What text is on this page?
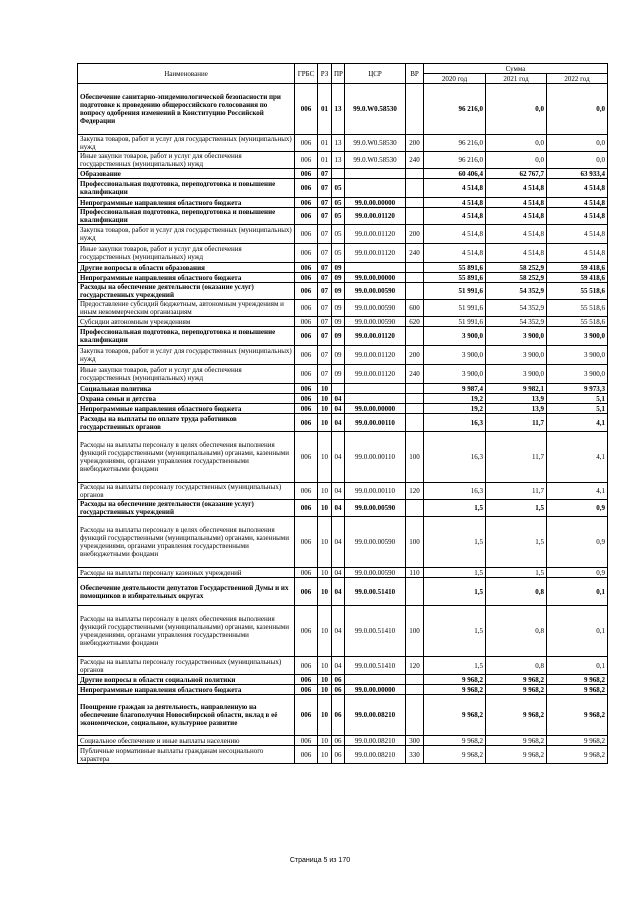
Наименование	ГРБС	РЗ	ПР	ЦСР	ВР	Сумма		
						2020 год	2021 год	2022 год
Обеспечение санитарно-эпидемиологической безопасности при подготовке к проведению общероссийского голосования по вопросу одобрения изменений в Конституцию Российской Федерации	006	01	13	99.0.W0.58530		96 216,0	0,0	0,0
Закупка товаров, работ и услуг для государственных (муниципальных) нужд	006	01	13	99.0.W0.58530	200	96 216,0	0,0	0,0
Иные закупки товаров, работ и услуг для обеспечения государственных (муниципальных) нужд	006	01	13	99.0.W0.58530	240	96 216,0	0,0	0,0
Образование	006	07				60 406,4	62 767,7	63 933,4
Профессиональная подготовка, переподготовка и повышение квалификации	006	07	05			4 514,8	4 514,8	4 514,8
Непрограммные направления областного бюджета	006	07	05	99.0.00.00000		4 514,8	4 514,8	4 514,8
Профессиональная подготовка, переподготовка и повышение квалификации	006	07	05	99.0.00.01120		4 514,8	4 514,8	4 514,8
Закупка товаров, работ и услуг для государственных (муниципальных) нужд	006	07	05	99.0.00.01120	200	4 514,8	4 514,8	4 514,8
Иные закупки товаров, работ и услуг для обеспечения государственных (муниципальных) нужд	006	07	05	99.0.00.01120	240	4 514,8	4 514,8	4 514,8
Другие вопросы в области образования	006	07	09			55 891,6	58 252,9	59 418,6
Непрограммные направления областного бюджета	006	07	09	99.0.00.00000		55 891,6	58 252,9	59 418,6
Расходы на обеспечение деятельности (оказание услуг) государственных учреждений	006	07	09	99.0.00.00590		51 991,6	54 352,9	55 518,6
Предоставление субсидий бюджетным, автономным учреждениям и иным некоммерческим организациям	006	07	09	99.0.00.00590	600	51 991,6	54 352,9	55 518,6
Субсидии автономным учреждениям	006	07	09	99.0.00.00590	620	51 991,6	54 352,9	55 518,6
Профессиональная подготовка, переподготовка и повышение квалификации	006	07	09	99.0.00.01120		3 900,0	3 900,0	3 900,0
Закупка товаров, работ и услуг для государственных (муниципальных) нужд	006	07	09	99.0.00.01120	200	3 900,0	3 900,0	3 900,0
Иные закупки товаров, работ и услуг для обеспечения государственных (муниципальных) нужд	006	07	09	99.0.00.01120	240	3 900,0	3 900,0	3 900,0
Социальная политика	006	10				9 987,4	9 982,1	9 973,3
Охрана семьи и детства	006	10	04			19,2	13,9	5,1
Непрограммные направления областного бюджета	006	10	04	99.0.00.00000		19,2	13,9	5,1
Расходы на выплаты по оплате труда работников государственных органов	006	10	04	99.0.00.00110		16,3	11,7	4,1
Расходы на выплаты персоналу в целях обеспечения выполнения функций государственными (муниципальными) органами, казенными учреждениями, органами управления государственными внебюджетными фондами	006	10	04	99.0.00.00110	100	16,3	11,7	4,1
Расходы на выплаты персоналу государственных (муниципальных) органов	006	10	04	99.0.00.00110	120	16,3	11,7	4,1
Расходы на обеспечение деятельности (оказание услуг) государственных учреждений	006	10	04	99.0.00.00590		1,5	1,5	0,9
Расходы на выплаты персоналу в целях обеспечения выполнения функций государственными (муниципальными) органами, казенными учреждениями, органами управления государственными внебюджетными фондами	006	10	04	99.0.00.00590	100	1,5	1,5	0,9
Расходы на выплаты персоналу казенных учреждений	006	10	04	99.0.00.00590	110	1,5	1,5	0,9
Обеспечение деятельности депутатов Государственной Думы и их помощников в избирательных округах	006	10	04	99.0.00.51410		1,5	0,8	0,1
Расходы на выплаты персоналу в целях обеспечения выполнения функций государственными (муниципальными) органами, казенными учреждениями, органами управления государственными внебюджетными фондами	006	10	04	99.0.00.51410	100	1,5	0,8	0,1
Расходы на выплаты персоналу государственных (муниципальных) органов	006	10	04	99.0.00.51410	120	1,5	0,8	0,1
Другие вопросы в области социальной политики	006	10	06			9 968,2	9 968,2	9 968,2
Непрограммные направления областного бюджета	006	10	06	99.0.00.00000		9 968,2	9 968,2	9 968,2
Поощрение граждан за деятельность, направленную на обеспечение благополучия Новосибирской области, вклад в её экономическое, социальное, культурное развитие	006	10	06	99.0.00.08210		9 968,2	9 968,2	9 968,2
Социальное обеспечение и иные выплаты населению	006	10	06	99.0.00.08210	300	9 968,2	9 968,2	9 968,2
Публичные нормативные выплаты гражданам несоциального характера	006	10	06	99.0.00.08210	330	9 968,2	9 968,2	9 968,2
Страница 5 из 170
